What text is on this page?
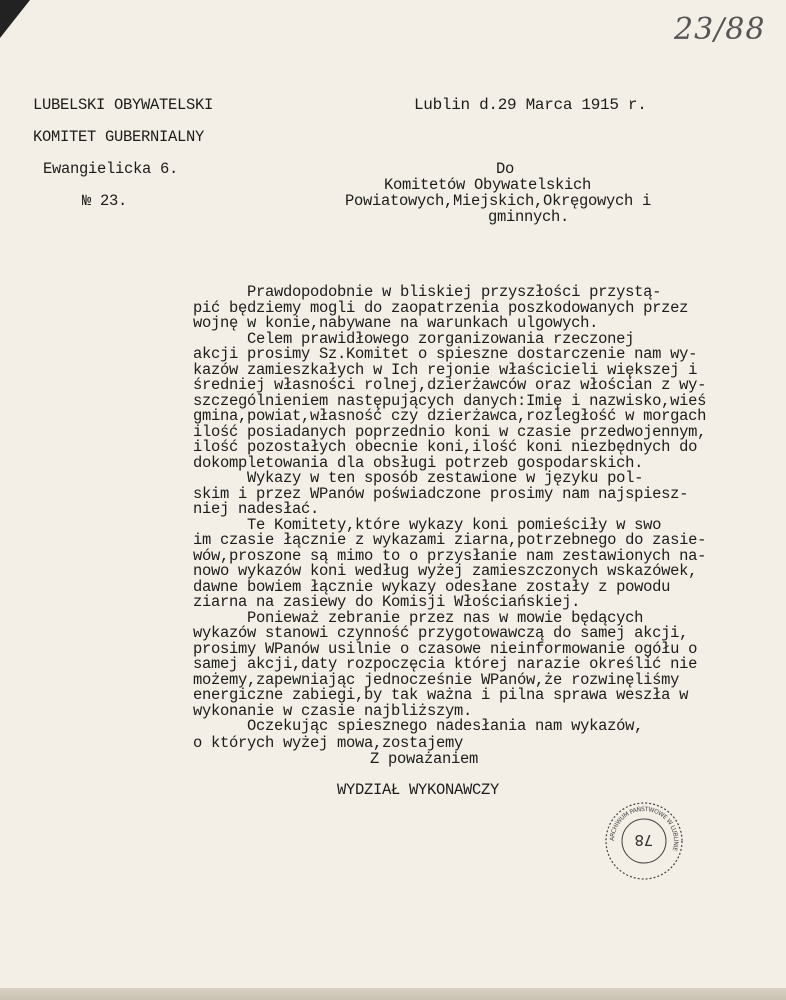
23/88
LUBELSKI OBYWATELSKI
KOMITET GUBERNIALNY
Ewangielicka 6.
№ 23.
Lublin d.29 Marca 1915 r.
Do
Komitetów Obywatelskich
Powiatowych,Miejskich,Okręgowych i
gminnych.
Prawdopodobnie w bliskiej przyszłości przystą-
pić będziemy mogli do zaopatrzenia poszkodowanych przez
wojnę w konie,nabywane na warunkach ulgowych.
Celem prawidłowego zorganizowania rzeczonej
akcji prosimy Sz.Komitet o spieszne dostarczenie nam wy-
kazów zamieszkałych w Ich rejonie właścicieli większej i
średniej własności rolnej,dzierżawców oraz włościan z wy-
szczególnieniem następujących danych:Imię i nazwisko,wieś
gmina,powiat,własność czy dzierżawca,rozległość w morgach
ilość posiadanych poprzednio koni w czasie przedwojennym,
ilość pozostałych obecnie koni,ilość koni niezbędnych do
dokompletowania dla obsługi potrzeb gospodarskich.
Wykazy w ten sposób zestawione w języku pol-
skim i przez WPanów poświadczone prosimy nam najspiesz-
niej nadesłać.
Te Komitety,które wykazy koni pomieściły w swo
im czasie łącznie z wykazami ziarna,potrzebnego do zasie-
wów,proszone są mimo to o przysłanie nam zestawionych na-
nowo wykazów koni według wyżej zamieszczonych wskazówek,
dawne bowiem łącznie wykazy odesłane zostały z powodu
ziarna na zasiewy do Komisji Włościańskiej.
Ponieważ zebranie przez nas w mowie będących
wykazów stanowi czynność przygotowawczą do samej akcji,
prosimy WPanów usilnie o czasowe nieinformowanie ogółu o
samej akcji,daty rozpoczęcia której narazie określić nie
możemy,zapewniając jednocześnie WPanów,że rozwinęliśmy
energiczne zabiegi,by tak ważna i pilna sprawa weszła w
wykonanie w czasie najbliższym.
Oczekując spiesznego nadesłania nam wykazów,
o których wyżej mowa,zostajemy
Z poważaniem
WYDZIAŁ WYKONAWCZY
ARCHIWUM PAŃSTWOWE W LUBLINIE
78
